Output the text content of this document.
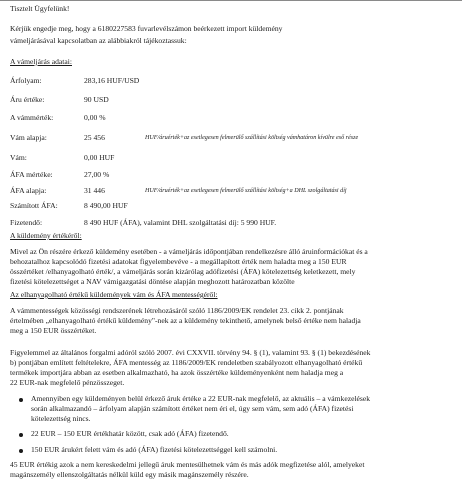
Tisztelt Ügyfelünk!
Kérjük engedje meg, hogy a 6180227583 fuvarlevélszámon beérkezett import küldemény
vámeljárásával kapcsolatban az alábbiakról tájékoztassuk:
A vámeljárás adatai:
Árfolyam:	283,16 HUF/USD
Áru értéke:	90 USD
A vámmérték:	0,00 %
Vám alapja:	25 456	HUF/áruérték+az esetlegesen felmerülő szállítási költség vámhatáron kívülre eső része
Vám:	0,00 HUF
ÁFA mértéke:	27,00 %
ÁFA alapja:	31 446	HUF/áruérték+az esetlegesen felmerülő szállítási költség+a DHL szolgáltatási díj
Számított ÁFA:	8 490,00 HUF
Fizetendő:	8 490 HUF (ÁFA), valamint DHL szolgáltatási díj: 5 990 HUF.
A küldemény értékéről:
Mivel az Ön részére érkező küldemény esetében - a vámeljárás időpontjában rendelkezésre álló áruinformációkat és a
behozatalhoz kapcsolódó fizetési adatokat figyelembevéve - a megállapított érték nem haladta meg a 150 EUR
összértéket /elhanyagolható érték/, a vámeljárás során kizárólag adófizetési (ÁFA) kötelezettség keletkezett, mely
fizetési kötelezettséget a NAV vámigazgatási döntése alapján meghozott határozatban közölte
Az elhanyagolható értékű küldemények vám és ÁFA mentességéről:
A vámmentességek közösségi rendszerének létrehozásáról szóló 1186/2009/EK rendelet 23. cikk 2. pontjának
értelmében „elhanyagolható értékű küldemény"-nek az a küldemény tekinthető, amelynek belső értéke nem haladja
meg a 150 EUR összértéket.
Figyelemmel az általános forgalmi adóról szóló 2007. évi CXXVII. törvény 94. § (1), valamint 93. § (1) bekezdésének
b) pontjában említett feltételekre, ÁFA mentesség az 1186/2009/EK rendeletben szabályozott elhanyagolható értékű
termékek importjára abban az esetben alkalmazható, ha azok összértéke küldeményenként nem haladja meg a
22 EUR-nak megfelelő pénzösszeget.
Amennyiben egy küldeményen belül érkező áruk értéke a 22 EUR-nak megfelelő, az aktuális – a vámkezelések
során alkalmazandó – árfolyam alapján számított értéket nem éri el, úgy sem vám, sem adó (ÁFA) fizetési
kötelezettség nincs.
22 EUR – 150 EUR értékhatár között, csak adó (ÁFA) fizetendő.
150 EUR árukért felett vám és adó (ÁFA) fizetési kötelezettséggel kell számolni.
45 EUR értékig azok a nem kereskedelmi jellegű áruk mentesülhetnek vám és más adók megfizetése alól, amelyeket
magánszemély ellenszolgáltatás nélkül küld egy másik magánszemély részére.
